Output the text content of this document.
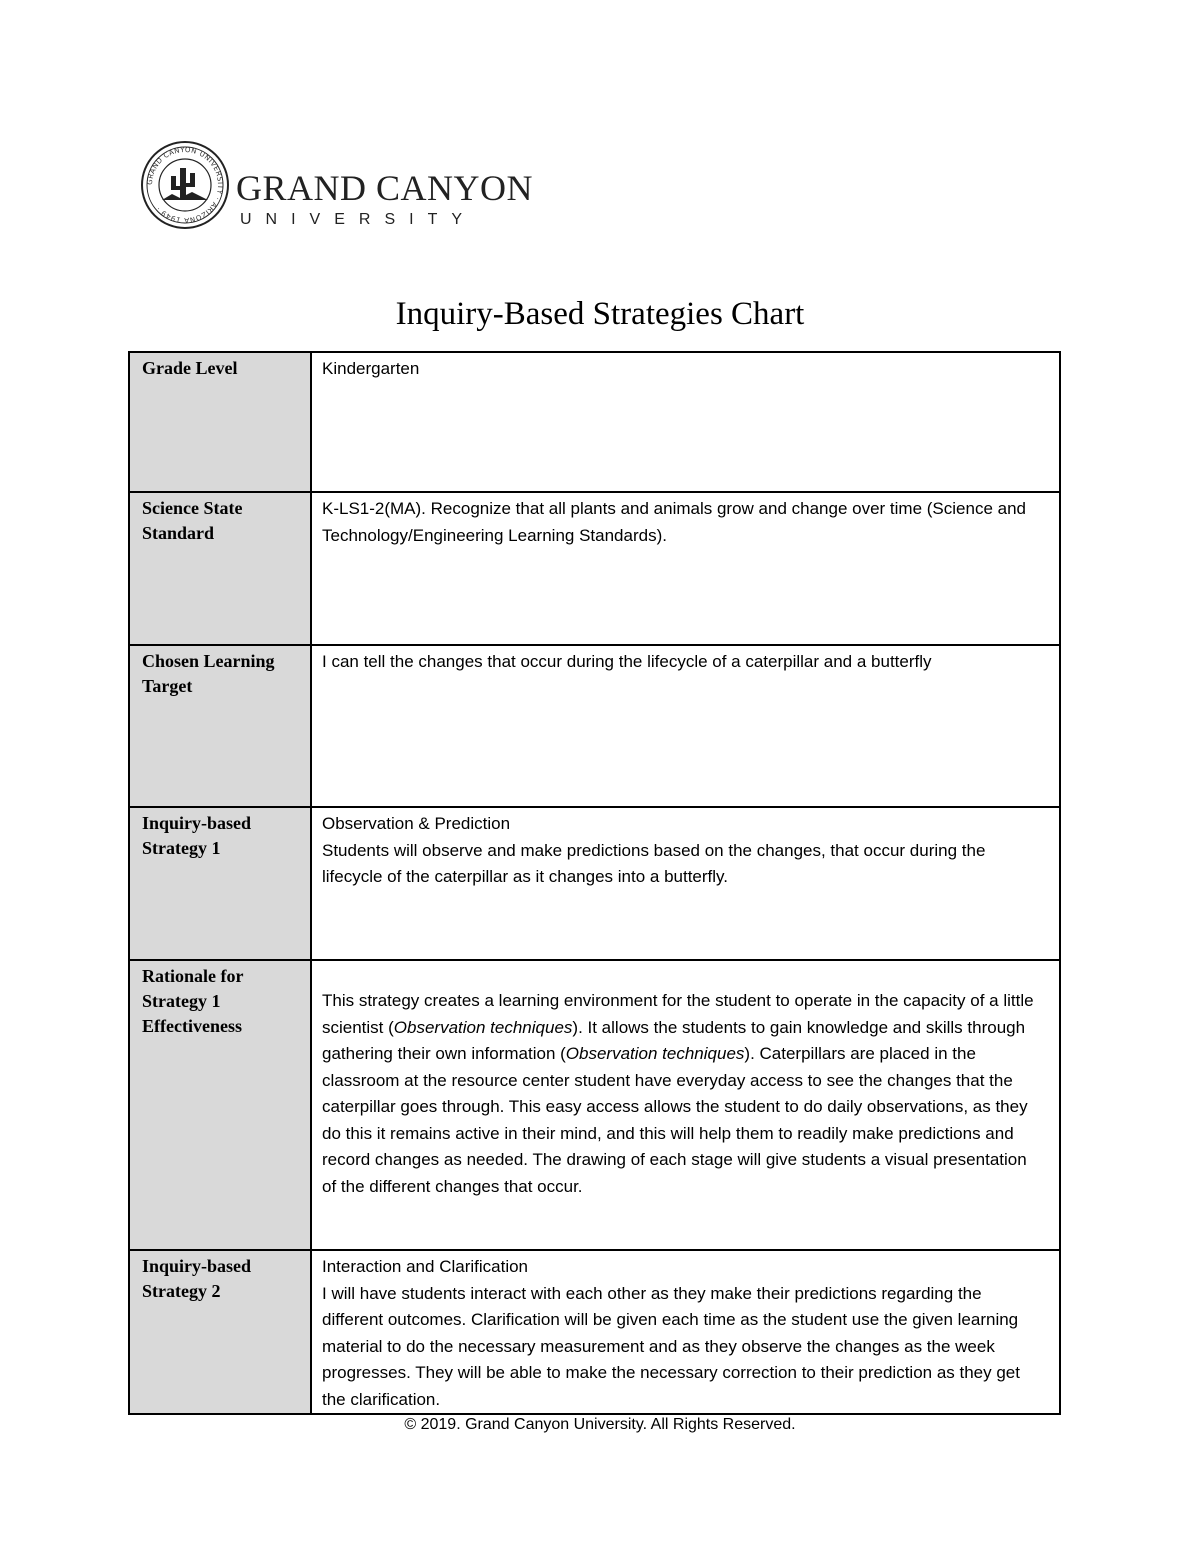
GRAND CANYON UNIVERSITY · ARIZONA 1949 ·
GRAND CANYON
UNIVERSITY
Inquiry-Based Strategies Chart
Grade Level	Kindergarten

Science State Standard	K-LS1-2(MA). Recognize that all plants and animals grow and change over time (Science and Technology/Engineering Learning Standards).

Chosen Learning Target	I can tell the changes that occur during the lifecycle of a caterpillar and a butterfly

Inquiry-based Strategy 1	Observation & Prediction

Students will observe and make predictions based on the changes, that occur during the lifecycle of the caterpillar as it changes into a butterfly.

Rationale for Strategy 1 Effectiveness	This strategy creates a learning environment for the student to operate in the capacity of a little scientist (Observation techniques). It allows the students to gain knowledge and skills through gathering their own information (Observation techniques). Caterpillars are placed in the classroom at the resource center student have everyday access to see the changes that the caterpillar goes through. This easy access allows the student to do daily observations, as they do this it remains active in their mind, and this will help them to readily make predictions and record changes as needed. The drawing of each stage will give students a visual presentation of the different changes that occur.

Inquiry-based Strategy 2	Interaction and Clarification

I will have students interact with each other as they make their predictions regarding the different outcomes. Clarification will be given each time as the student use the given learning material to do the necessary measurement and as they observe the changes as the week progresses. They will be able to make the necessary correction to their prediction as they get the clarification.

© 2019. Grand Canyon University. All Rights Reserved.
